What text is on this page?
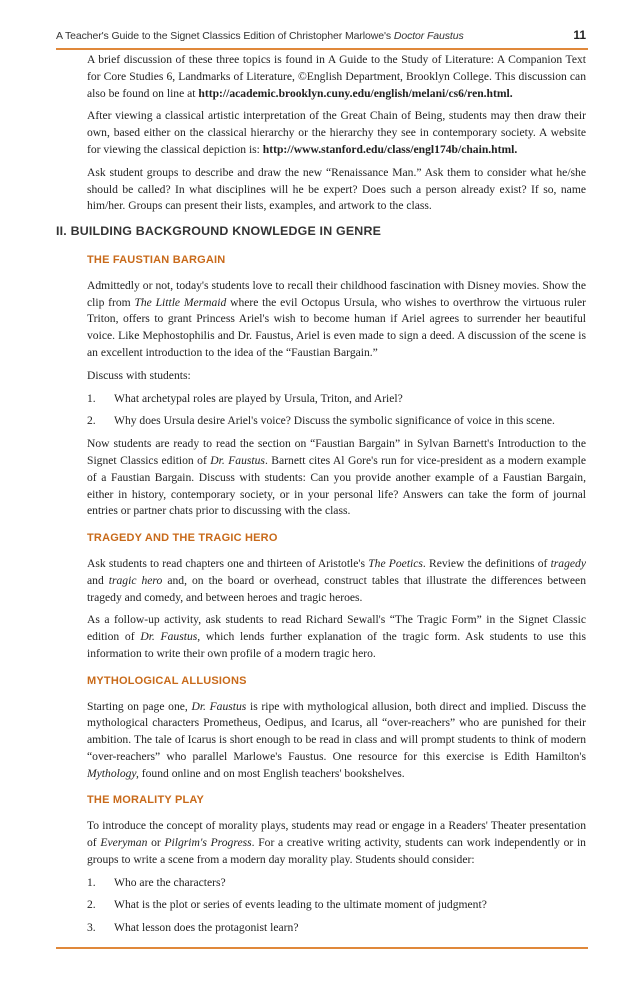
A Teacher's Guide to the Signet Classics Edition of Christopher Marlowe's Doctor Faustus	11

A brief discussion of these three topics is found in A Guide to the Study of Literature: A Companion Text for Core Studies 6, Landmarks of Literature, ©English Department, Brooklyn College. This discussion can also be found on line at http://academic.brooklyn.cuny.edu/english/melani/cs6/ren.html.

After viewing a classical artistic interpretation of the Great Chain of Being, students may then draw their own, based either on the classical hierarchy or the hierarchy they see in contemporary society. A website for viewing the classical depiction is: http://www.stanford.edu/class/engl174b/chain.html.

Ask student groups to describe and draw the new “Renaissance Man.” Ask them to consider what he/she should be called? In what disciplines will he be expert? Does such a person already exist? If so, name him/her. Groups can present their lists, examples, and artwork to the class.

II. BUILDING BACKGROUND KNOWLEDGE IN GENRE
THE FAUSTIAN BARGAIN

Admittedly or not, today's students love to recall their childhood fascination with Disney movies. Show the clip from The Little Mermaid where the evil Octopus Ursula, who wishes to overthrow the virtuous ruler Triton, offers to grant Princess Ariel's wish to become human if Ariel agrees to surrender her beautiful voice. Like Mephostophilis and Dr. Faustus, Ariel is even made to sign a deed. A discussion of the scene is an excellent introduction to the idea of the “Faustian Bargain.”

Discuss with students:

1.	What archetypal roles are played by Ursula, Triton, and Ariel?
2.	Why does Ursula desire Ariel's voice? Discuss the symbolic significance of voice in this scene.

Now students are ready to read the section on “Faustian Bargain” in Sylvan Barnett's Introduction to the Signet Classics edition of Dr. Faustus. Barnett cites Al Gore's run for vice-president as a modern example of a Faustian Bargain. Discuss with students: Can you provide another example of a Faustian Bargain, either in history, contemporary society, or in your personal life? Answers can take the form of journal entries or partner chats prior to discussing with the class.

TRAGEDY AND THE TRAGIC HERO

Ask students to read chapters one and thirteen of Aristotle's The Poetics. Review the definitions of tragedy and tragic hero and, on the board or overhead, construct tables that illustrate the differences between tragedy and comedy, and between heroes and tragic heroes.

As a follow-up activity, ask students to read Richard Sewall's “The Tragic Form” in the Signet Classic edition of Dr. Faustus, which lends further explanation of the tragic form. Ask students to use this information to write their own profile of a modern tragic hero.

MYTHOLOGICAL ALLUSIONS

Starting on page one, Dr. Faustus is ripe with mythological allusion, both direct and implied. Discuss the mythological characters Prometheus, Oedipus, and Icarus, all “over-reachers” who are punished for their ambition. The tale of Icarus is short enough to be read in class and will prompt students to think of modern “over-reachers” who parallel Marlowe's Faustus. One resource for this exercise is Edith Hamilton's Mythology, found online and on most English teachers' bookshelves.

THE MORALITY PLAY

To introduce the concept of morality plays, students may read or engage in a Readers' Theater presentation of Everyman or Pilgrim's Progress. For a creative writing activity, students can work independently or in groups to write a scene from a modern day morality play. Students should consider:

1.	Who are the characters?
2.	What is the plot or series of events leading to the ultimate moment of judgment?
3.	What lesson does the protagonist learn?
